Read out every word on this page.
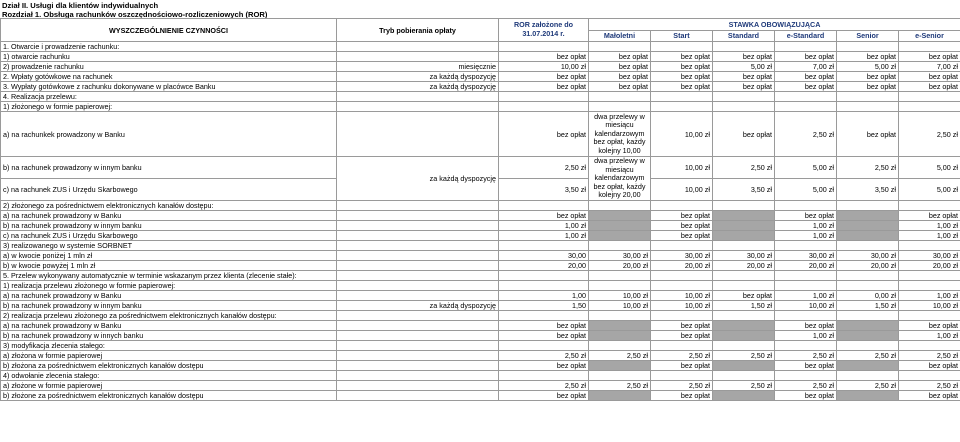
Dział II. Usługi dla klientów indywidualnych
Rozdział 1. Obsługa rachunków oszczędnościowo-rozliczeniowych (ROR)
WYSZCZEGÓLNIENIE CZYNNOŚCI	Tryb pobierania opłaty	ROR założone do
31.07.2014 r.	STAWKA OBOWIĄZUJĄCA					
			Małoletni	Start	Standard	e-Standard	Senior	e-Senior
1. Otwarcie i prowadzenie rachunku:								
1) otwarcie rachunku		bez opłat	bez opłat	bez opłat	bez opłat	bez opłat	bez opłat	bez opłat
2) prowadzenie rachunku	miesięcznie	10,00 zł	bez opłat	bez opłat	5,00 zł	7,00 zł	5,00 zł	7,00 zł
2. Wpłaty gotówkowe na rachunek	za każdą dyspozycję	bez opłat	bez opłat	bez opłat	bez opłat	bez opłat	bez opłat	bez opłat
3. Wypłaty gotówkowe z rachunku dokonywane w placówce Banku	za każdą dyspozycję	bez opłat	bez opłat	bez opłat	bez opłat	bez opłat	bez opłat	bez opłat
4. Realizacja przelewu:								
1) złożonego w formie papierowej:								
a) na rachunkek prowadzony w Banku		bez opłat	dwa przelewy w miesiącu kalendarzowym bez opłat, każdy kolejny 10,00	10,00 zł	bez opłat	2,50 zł	bez opłat	2,50 zł
b) na rachunek prowadzony w innym banku	za każdą dyspozycję	2,50 zł	dwa przelewy w miesiącu kalendarzowym bez opłat, każdy kolejny 20,00	10,00 zł	2,50 zł	5,00 zł	2,50 zł	5,00 zł
c) na rachunek ZUS i Urzędu Skarbowego		3,50 zł		10,00 zł	3,50 zł	5,00 zł	3,50 zł	5,00 zł
2) złożonego za pośrednictwem elektronicznych kanałów dostępu:								
a) na rachunek prowadzony w Banku		bez opłat		bez opłat		bez opłat		bez opłat
b) na rachunek prowadzony w innym banku		1,00 zł		bez opłat		1,00 zł		1,00 zł
c) na rachunek ZUS i Urzędu Skarbowego		1,00 zł		bez opłat		1,00 zł		1,00 zł
3) realizowanego w systemie SORBNET								
a) w kwocie poniżej 1 mln zł		30,00	30,00 zł	30,00 zł	30,00 zł	30,00 zł	30,00 zł	30,00 zł
b) w kwocie powyżej 1 mln zł		20,00	20,00 zł	20,00 zł	20,00 zł	20,00 zł	20,00 zł	20,00 zł
5. Przelew wykonywany automatycznie w terminie wskazanym przez klienta (zlecenie stałe):								
1) realizacja przelewu złożonego w formie papierowej:								
a) na rachunek prowadzony w Banku		1,00	10,00 zł	10,00 zł	bez opłat	1,00 zł	0,00 zł	1,00 zł
b) na rachunek prowadzony w innym banku	za każdą dyspozycję	1,50	10,00 zł	10,00 zł	1,50 zł	10,00 zł	1,50 zł	10,00 zł
2) realizacja przelewu złożonego za pośrednictwem elektronicznych kanałów dostępu:								
a) na rachunek prowadzony w Banku		bez opłat		bez opłat		bez opłat		bez opłat
b) na rachunek prowadzony w innych banku		bez opłat		bez opłat		1,00 zł		1,00 zł
3) modyfikacja zlecenia stałego:								
a) złożona w formie papierowej		2,50 zł	2,50 zł	2,50 zł	2,50 zł	2,50 zł	2,50 zł	2,50 zł
b) złożona za pośrednictwem elektronicznych kanałów dostępu		bez opłat		bez opłat		bez opłat		bez opłat
4) odwołanie zlecenia stałego:								
a) złożone w formie papierowej		2,50 zł	2,50 zł	2,50 zł	2,50 zł	2,50 zł	2,50 zł	2,50 zł
b) złożone za pośrednictwem elektronicznych kanałów dostępu		bez opłat		bez opłat		bez opłat		bez opłat
